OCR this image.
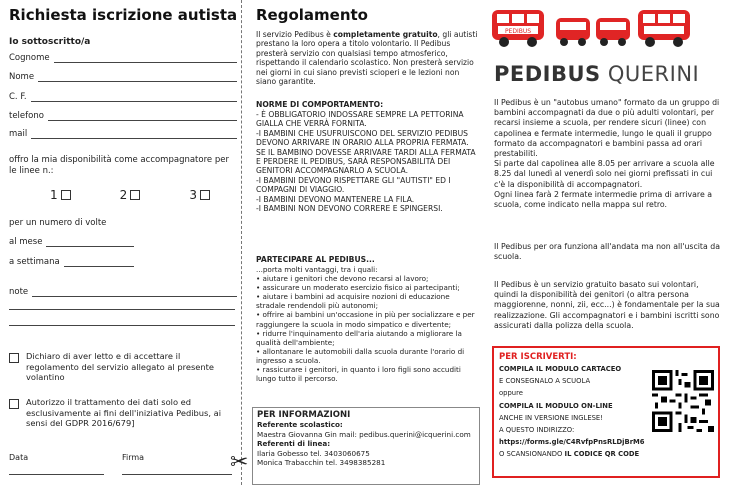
Richiesta iscrizione autista
Io sottoscritto/a
Cognome
Nome
C. F.
telefono
mail
offro la mia disponibilità come accompagnatore per le linee n.:
1	2	3
per un numero di volte
al mese
a settimana
note
Dichiaro di aver letto e di accettare il regolamento del servizio allegato al presente volantino
Autorizzo il trattamento dei dati solo ed esclusivamente ai fini dell'iniziativa Pedibus, ai sensi del GDPR 2016/679]
Data	Firma	✂
Regolamento
Il servizio Pedibus è completamente gratuito, gli autisti prestano la loro opera a titolo volontario. Il Pedibus presterà servizio con qualsiasi tempo atmosferico, rispettando il calendario scolastico. Non presterà servizio nei giorni in cui siano previsti scioperi e le lezioni non siano garantite.
NORME DI COMPORTAMENTO:
- È OBBLIGATORIO INDOSSARE SEMPRE LA PETTORINA GIALLA CHE VERRÀ FORNITA.
-I BAMBINI CHE USUFRUISCONO DEL SERVIZIO PEDIBUS DEVONO ARRIVARE IN ORARIO ALLA PROPRIA FERMATA. SE IL BAMBINO DOVESSE ARRIVARE TARDI ALLA FERMATA E PERDERE IL PEDIBUS, SARÀ RESPONSABILITÀ DEI GENITORI ACCOMPAGNARLO A SCUOLA.
-I BAMBINI DEVONO RISPETTARE GLI "AUTISTI" ED I COMPAGNI DI VIAGGIO.
-I BAMBINI DEVONO MANTENERE LA FILA.
-I BAMBINI NON DEVONO CORRERE E SPINGERSI.
PARTECIPARE AL PEDIBUS...
...porta molti vantaggi, tra i quali:
• aiutare i genitori che devono recarsi al lavoro;
• assicurare un moderato esercizio fisico ai partecipanti;
• aiutare i bambini ad acquisire nozioni di educazione stradale rendendoli più autonomi;
• offrire ai bambini un'occasione in più per socializzare e per raggiungere la scuola in modo simpatico e divertente;
• ridurre l'inquinamento dell'aria aiutando a migliorare la qualità dell'ambiente;
• allontanare le automobili dalla scuola durante l'orario di ingresso a scuola.
• rassicurare i genitori, in quanto i loro figli sono accuditi lungo tutto il percorso.
PER INFORMAZIONI
Referente scolastico:
Maestra Giovanna Gin mail: pedibus.querini@icquerini.com
Referenti di linea:
Ilaria Gobesso tel. 3403060675
Monica Trabacchin tel. 3498385281
PEDIBUS
PEDIBUS QUERINI
Il Pedibus è un "autobus umano" formato da un gruppo di bambini accompagnati da due o più adulti volontari, per recarsi insieme a scuola, per rendere sicuri (linee) con capolinea e fermate intermedie, lungo le quali il gruppo formato da accompagnatori e bambini passa ad orari prestabiliti.
Si parte dal capolinea alle 8.05 per arrivare a scuola alle 8.25 dal lunedì al venerdì solo nei giorni prefissati in cui c'è la disponibilità di accompagnatori.
Ogni linea farà 2 fermate intermedie prima di arrivare a scuola, come indicato nella mappa sul retro.
Il Pedibus per ora funziona all'andata ma non all'uscita da scuola.
Il Pedibus è un servizio gratuito basato sui volontari, quindi la disponibilità dei genitori (o altra persona maggiorenne, nonni, zii, ecc...) è fondamentale per la sua realizzazione. Gli accompagnatori e i bambini iscritti sono assicurati dalla polizza della scuola.
PER ISCRIVERTI:
COMPILA IL MODULO CARTACEO
E CONSEGNALO A SCUOLA
oppure
COMPILA IL MODULO ON-LINE
ANCHE IN VERSIONE INGLESE!
A QUESTO INDIRIZZO:
https://forms.gle/C4RvfpPnsRLDjBrM6
O SCANSIONANDO IL CODICE QR CODE
